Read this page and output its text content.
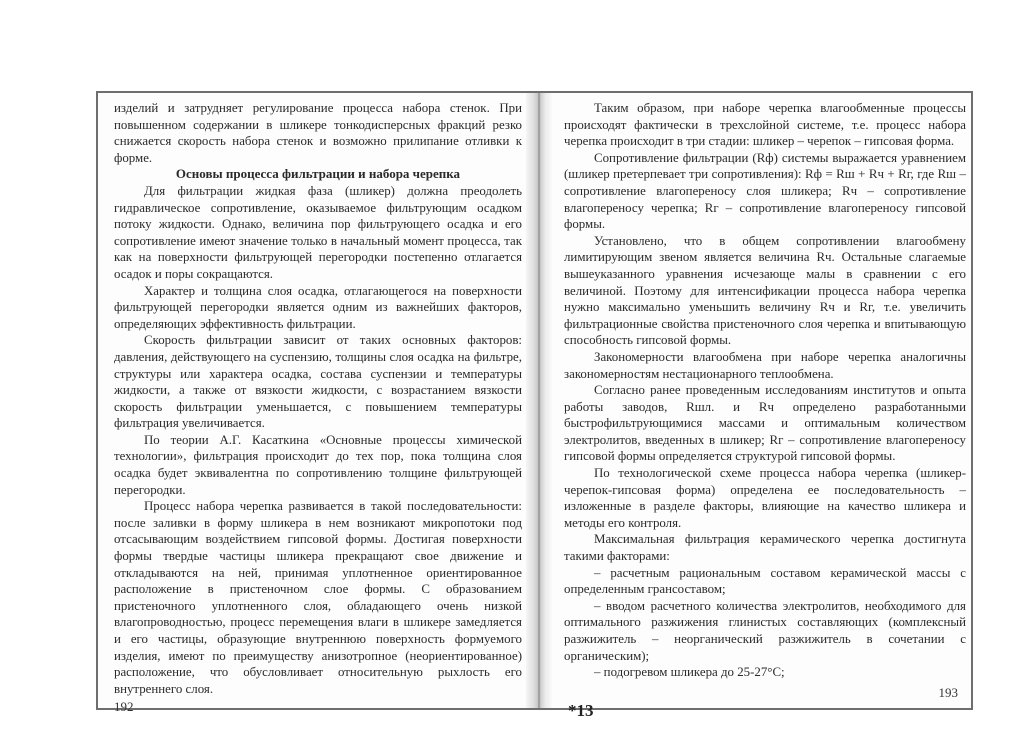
изделий и затрудняет регулирование процесса набора стенок. При повышенном содержании в шликере тонкодисперсных фракций резко снижается скорость набора стенок и возможно прилипание отливки к форме.

Основы процесса фильтрации и набора черепка

Для фильтрации жидкая фаза (шликер) должна преодолеть гидравлическое сопротивление, оказываемое фильтрующим осадком потоку жидкости. Однако, величина пор фильтрующего осадка и его сопротивление имеют значение только в начальный момент процесса, так как на поверхности фильтрующей перегородки постепенно отлагается осадок и поры сокращаются.

Характер и толщина слоя осадка, отлагающегося на поверхности фильтрующей перегородки является одним из важнейших факторов, определяющих эффективность фильтрации.

Скорость фильтрации зависит от таких основных факторов: давления, действующего на суспензию, толщины слоя осадка на фильтре, структуры или характера осадка, состава суспензии и температуры жидкости, а также от вязкости жидкости, с возрастанием вязкости скорость фильтрации уменьшается, с повышением температуры фильтрация увеличивается.

По теории А.Г. Касаткина «Основные процессы химической технологии», фильтрация происходит до тех пор, пока толщина слоя осадка будет эквивалентна по сопротивлению толщине фильтрующей перегородки.

Процесс набора черепка развивается в такой последовательности: после заливки в форму шликера в нем возникают микропотоки под отсасывающим воздействием гипсовой формы. Достигая поверхности формы твердые частицы шликера прекращают свое движение и откладываются на ней, принимая уплотненное ориентированное расположение в пристеночном слое формы. С образованием пристеночного уплотненного слоя, обладающего очень низкой влагопроводностью, процесс перемещения влаги в шликере замедляется и его частицы, образующие внутреннюю поверхность формуемого изделия, имеют по преимуществу анизотропное (неориентированное) расположение, что обусловливает относительную рыхлость его внутреннего слоя.

192

Таким образом, при наборе черепка влагообменные процессы происходят фактически в трехслойной системе, т.е. процесс набора черепка происходит в три стадии: шликер – черепок – гипсовая форма.

Сопротивление фильтрации (Rф) системы выражается уравнением (шликер претерпевает три сопротивления): Rф = Rш + Rч + Rг, где Rш – сопротивление влагопереносу слоя шликера; Rч – сопротивление влагопереносу черепка; Rг – сопротивление влагопереносу гипсовой формы.

Установлено, что в общем сопротивлении влагообмену лимитирующим звеном является величина Rч. Остальные слагаемые вышеуказанного уравнения исчезающе малы в сравнении с его величиной. Поэтому для интенсификации процесса набора черепка нужно максимально уменьшить величину Rч и Rг, т.е. увеличить фильтрационные свойства пристеночного слоя черепка и впитывающую способность гипсовой формы.

Закономерности влагообмена при наборе черепка аналогичны закономерностям нестационарного теплообмена.

Согласно ранее проведенным исследованиям институтов и опыта работы заводов, Rшл. и Rч определено разработанными быстрофильтрующимися массами и оптимальным количеством электролитов, введенных в шликер; Rг – сопротивление влагопереносу гипсовой формы определяется структурой гипсовой формы.

По технологической схеме процесса набора черепка (шликер-черепок-гипсовая форма) определена ее последовательность – изложенные в разделе факторы, влияющие на качество шликера и методы его контроля.

Максимальная фильтрация керамического черепка достигнута такими факторами:

– расчетным рациональным составом керамической массы с определенным грансоставом;

– вводом расчетного количества электролитов, необходимого для оптимального разжижения глинистых составляющих (комплексный разжижитель – неорганический разжижитель в сочетании с органическим);

– подогревом шликера до 25-27°С;

193
*13
